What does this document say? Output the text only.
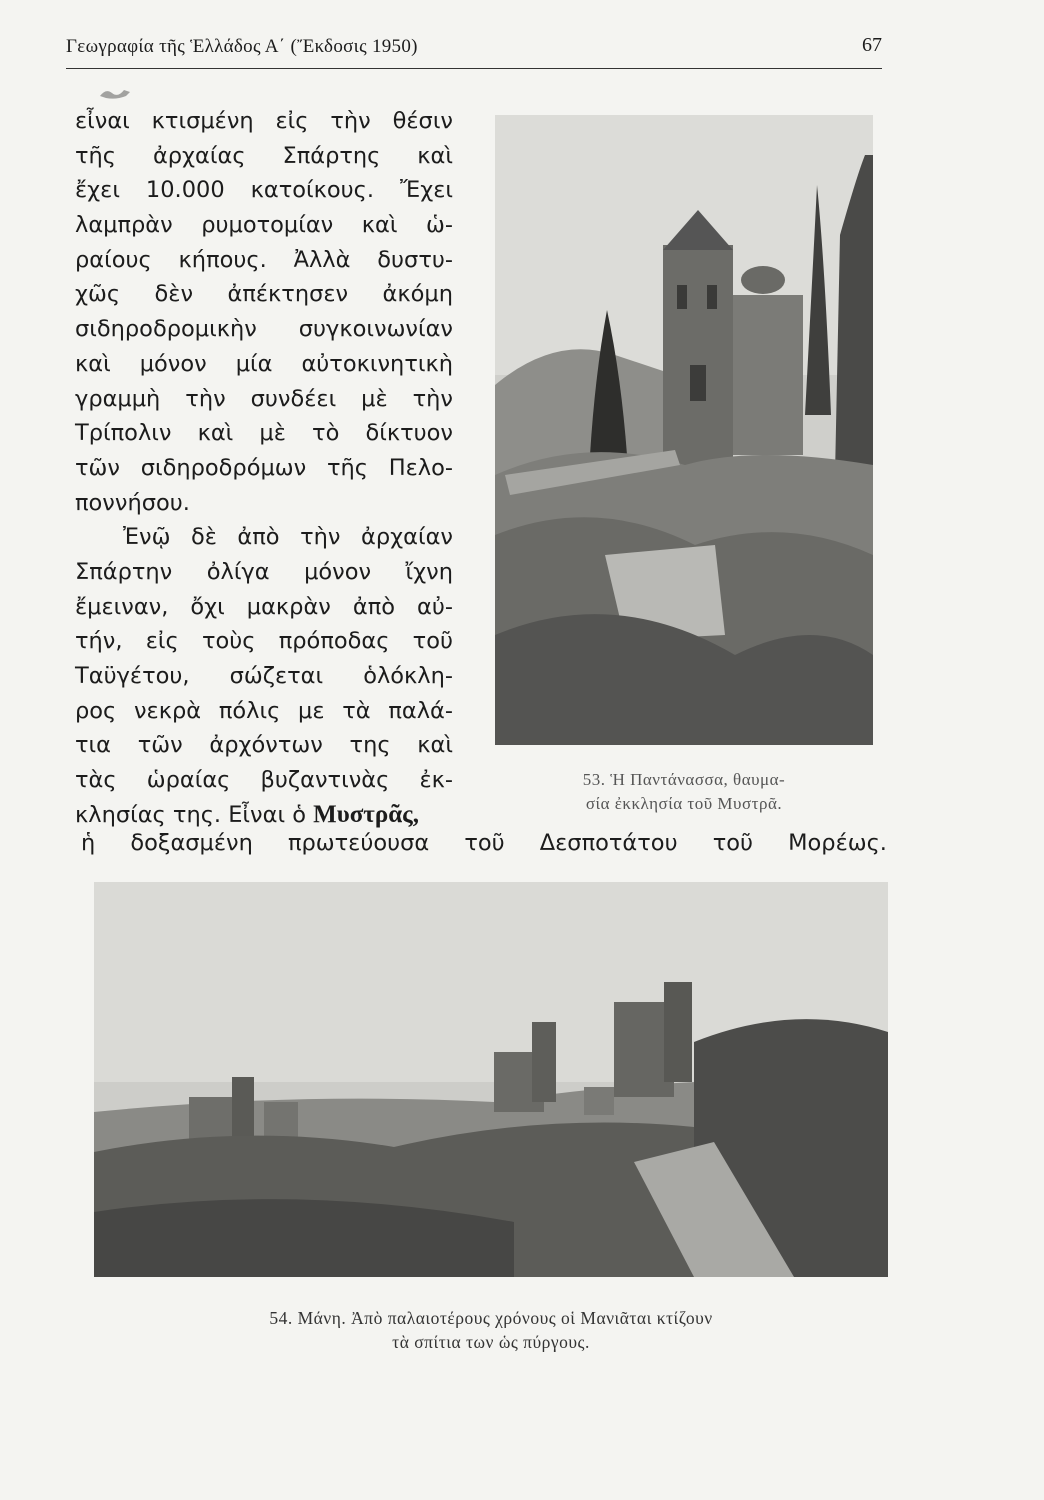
Γεωγραφία τῆς Ἑλλάδος Α΄ (Ἔκδοσις 1950)	67
εἶναι κτισμένη εἰς τὴν θέσιν
τῆς ἀρχαίας Σπάρτης καὶ
ἔχει 10.000 κατοίκους. Ἔχει
λαμπρὰν ρυμοτομίαν καὶ ὡ-
ραίους κήπους. Ἀλλὰ δυστυ-
χῶς δὲν ἀπέκτησεν ἀκόμη
σιδηροδρομικὴν συγκοινωνίαν
καὶ μόνον μία αὐτοκινητικὴ
γραμμὴ τὴν συνδέει μὲ τὴν
Τρίπολιν καὶ μὲ τὸ δίκτυον
τῶν σιδηροδρόμων τῆς Πελο-
ποννήσου.
Ἐνῷ δὲ ἀπὸ τὴν ἀρχαίαν
Σπάρτην ὀλίγα μόνον ἴχνη
ἔμειναν, ὄχι μακρὰν ἀπὸ αὐ-
τήν, εἰς τοὺς πρόποδας τοῦ
Ταϋγέτου, σώζεται ὁλόκλη-
ρος νεκρὰ πόλις με τὰ παλά-
τια τῶν ἀρχόντων της καὶ
τὰς ὡραίας βυζαντινὰς ἐκ-
κλησίας της. Εἶναι ὁ Μυστρᾶς,
ἡ δοξασμένη πρωτεύουσα τοῦ Δεσποτάτου τοῦ Μορέως.
53. Ἡ Παντάνασσα, θαυμα-
σία ἐκκλησία τοῦ Μυστρᾶ.
54. Μάνη. Ἀπὸ παλαιοτέρους χρόνους οἱ Μανιᾶται κτίζουν
τὰ σπίτια των ὡς πύργους.
